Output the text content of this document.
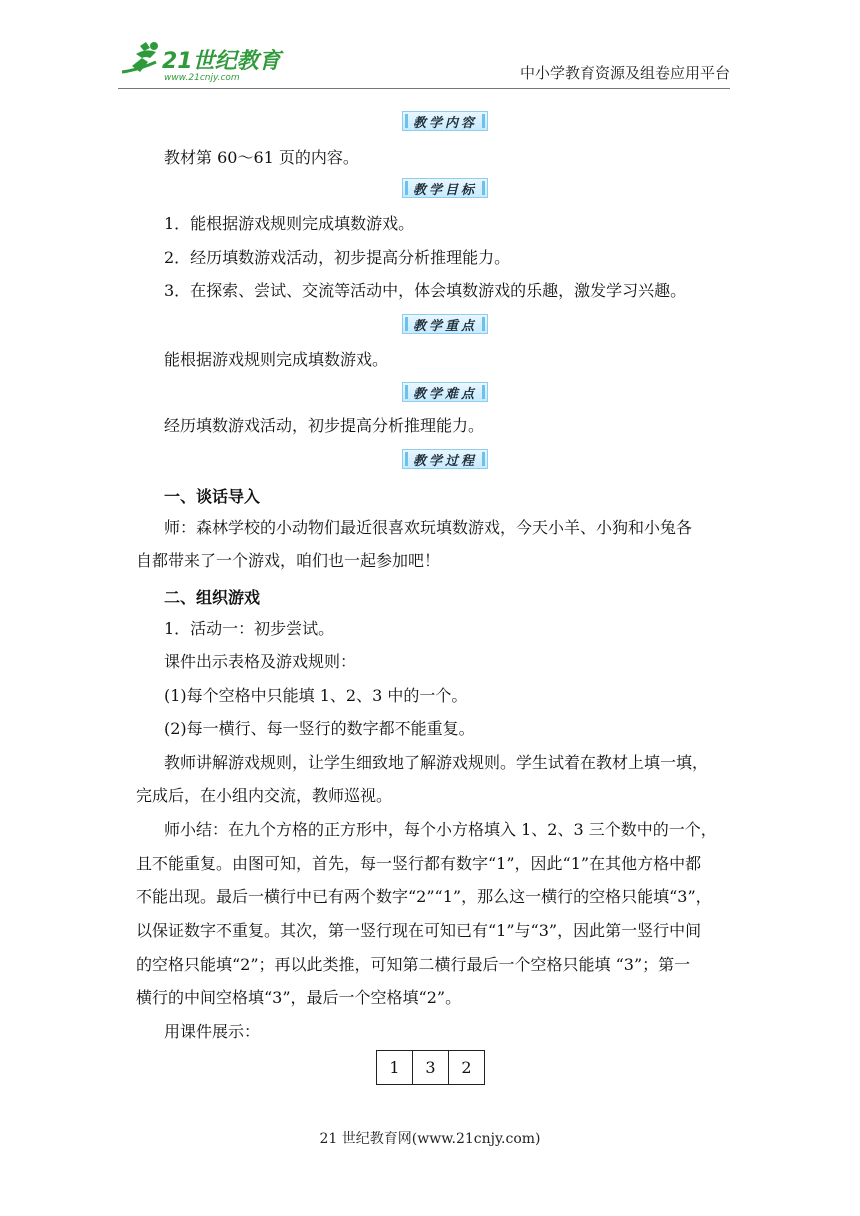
21世纪教育
www.21cnjy.com	中小学教育资源及组卷应用平台
教学内容
教材第 60～61 页的内容。
教学目标
1．能根据游戏规则完成填数游戏。
2．经历填数游戏活动，初步提高分析推理能力。
3．在探索、尝试、交流等活动中，体会填数游戏的乐趣，激发学习兴趣。
教学重点
能根据游戏规则完成填数游戏。
教学难点
经历填数游戏活动，初步提高分析推理能力。
教学过程
一、谈话导入
师：森林学校的小动物们最近很喜欢玩填数游戏，今天小羊、小狗和小兔各
自都带来了一个游戏，咱们也一起参加吧！
二、组织游戏
1．活动一：初步尝试。
课件出示表格及游戏规则：
(1)每个空格中只能填 1、2、3 中的一个。
(2)每一横行、每一竖行的数字都不能重复。
教师讲解游戏规则，让学生细致地了解游戏规则。学生试着在教材上填一填，
完成后，在小组内交流，教师巡视。
师小结：在九个方格的正方形中，每个小方格填入 1、2、3 三个数中的一个，
且不能重复。由图可知，首先，每一竖行都有数字“1”，因此“1”在其他方格中都
不能出现。最后一横行中已有两个数字“2”“1”，那么这一横行的空格只能填“3”，
以保证数字不重复。其次，第一竖行现在可知已有“1”与“3”，因此第一竖行中间
的空格只能填“2”；再以此类推，可知第二横行最后一个空格只能填 “3”；第一
横行的中间空格填“3”，最后一个空格填“2”。
用课件展示：
1	3	2
21 世纪教育网(www.21cnjy.com)
